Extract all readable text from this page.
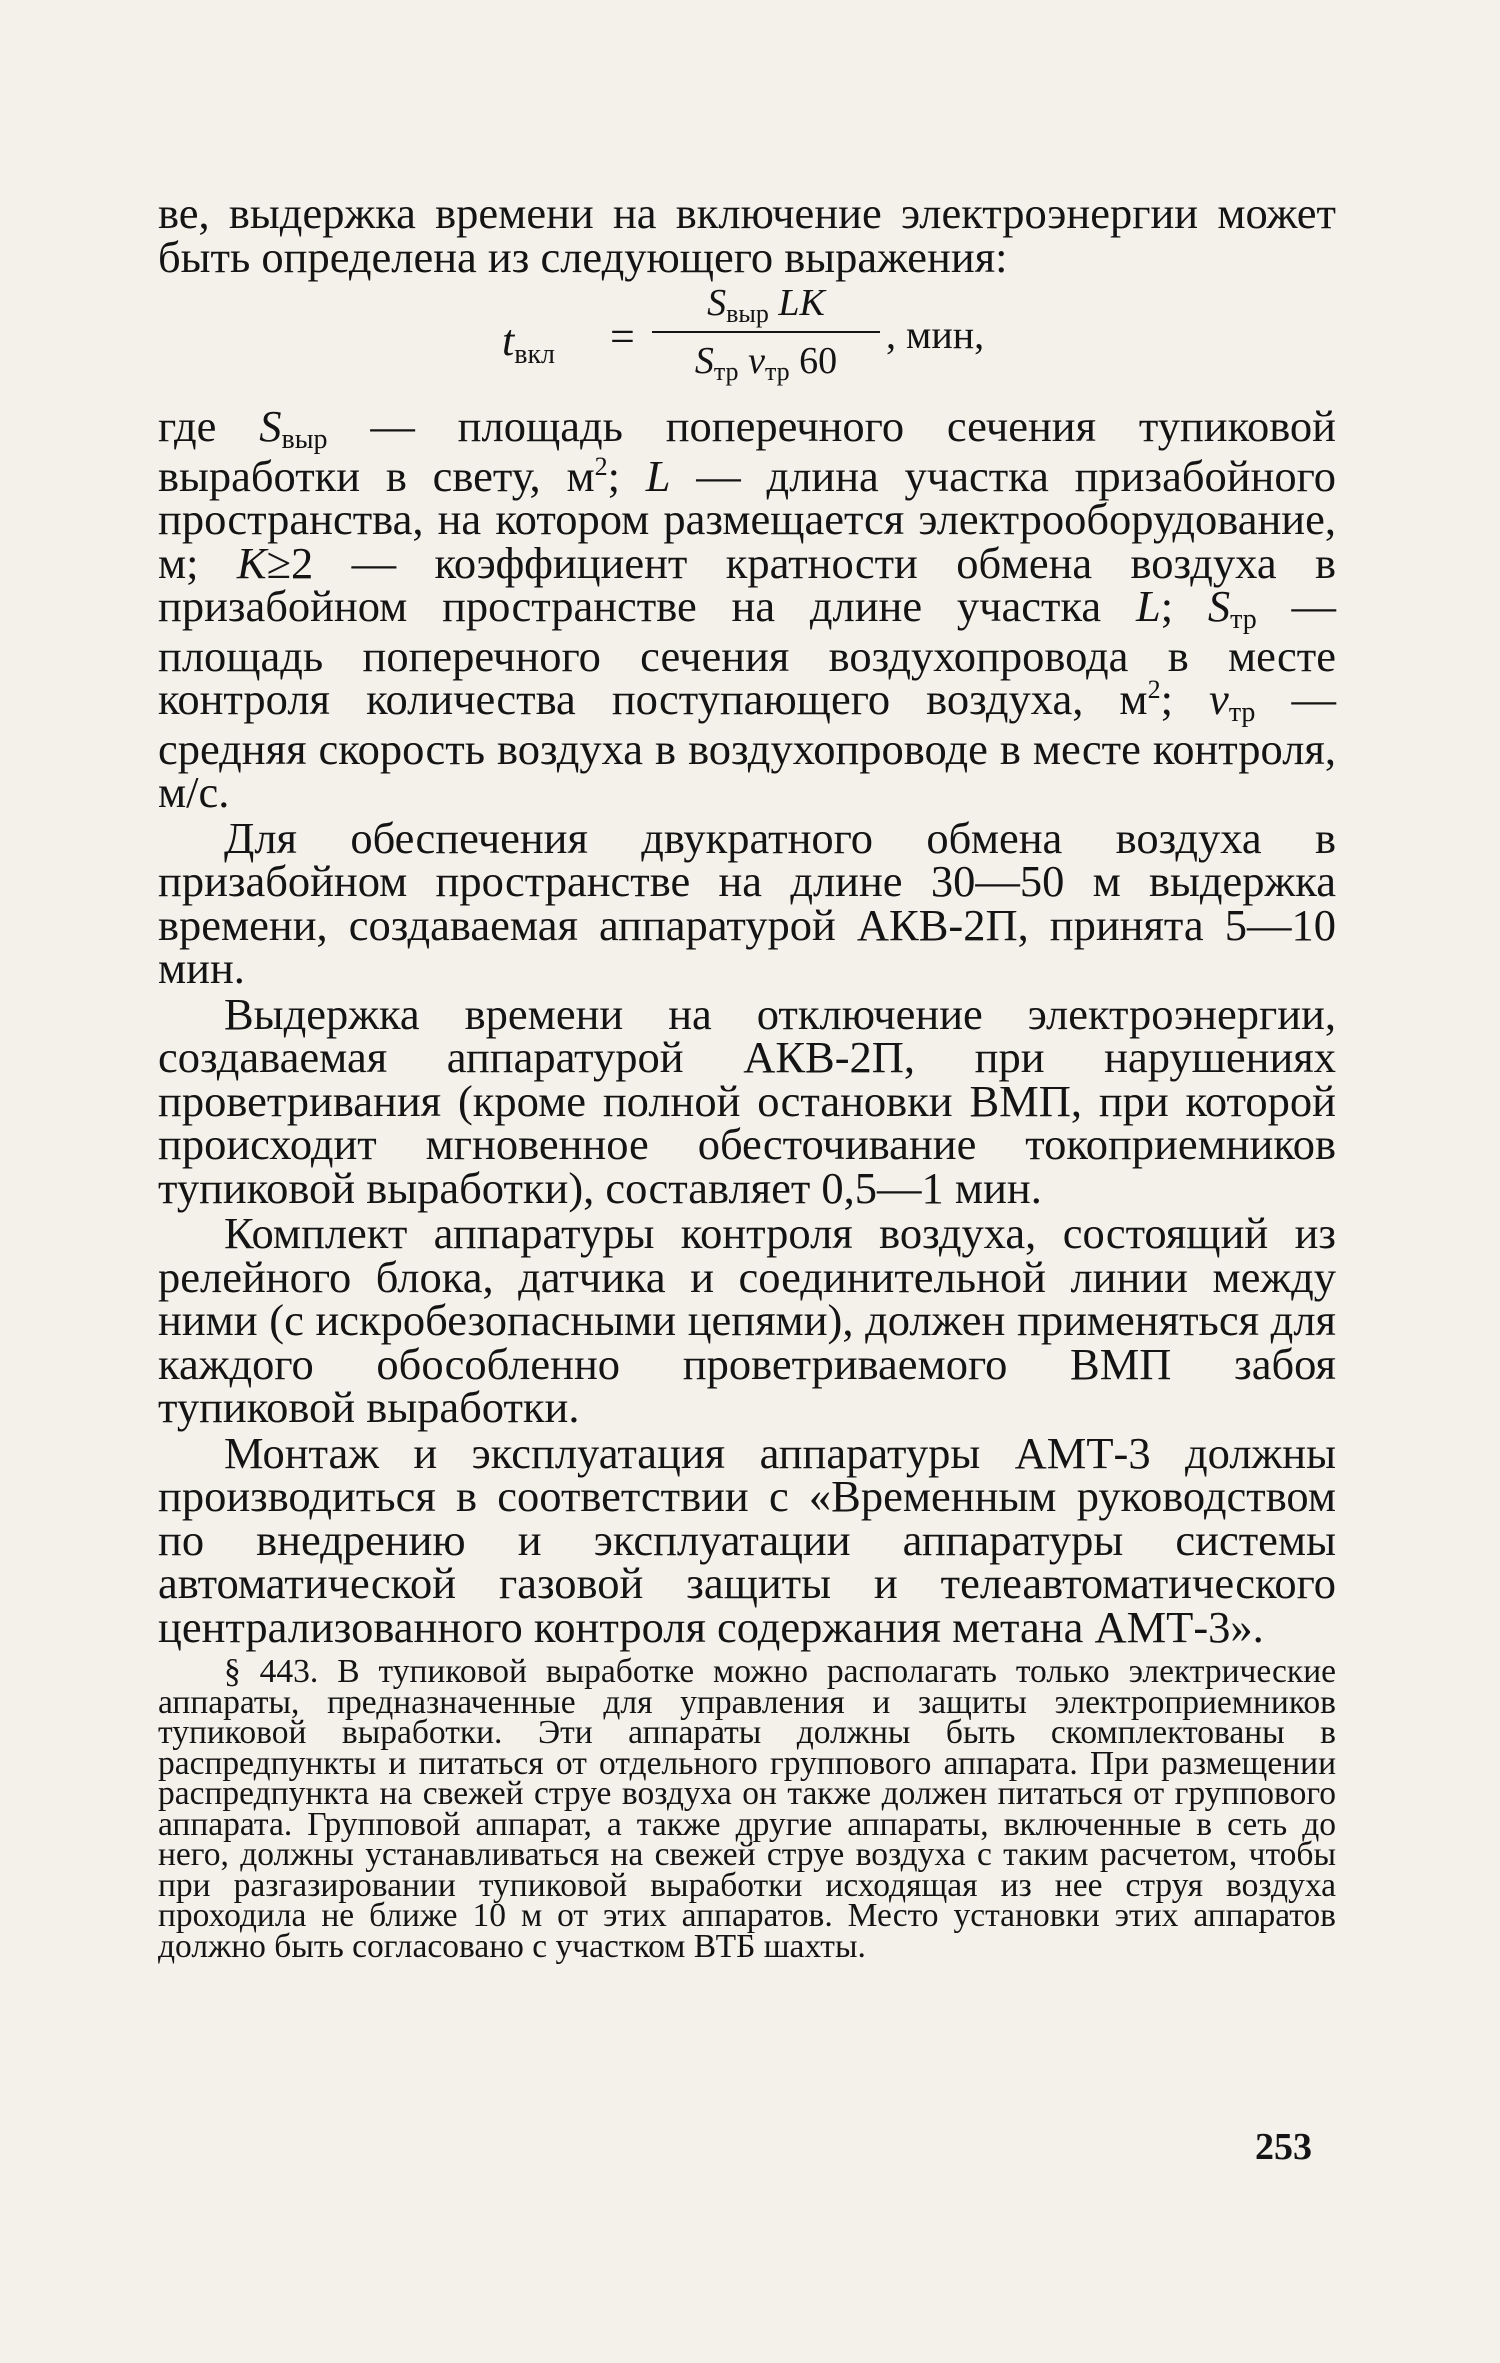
ве, выдержка времени на включение электроэнергии может быть определена из следующего выражения:

tвкл =
Sвыр LK
Sтр vтр 60
, мин,

где Sвыр — площадь поперечного сечения тупиковой выработки в свету, $м^2$; L — длина участка призабойного пространства, на котором размещается электрооборудование, м; K≥2 — коэффициент кратности обмена воздуха в призабойном пространстве на длине участка L; Sтр — площадь поперечного сечения воздухопровода в месте контроля количества поступающего воздуха, $м^2$; vтр — средняя скорость воздуха в воздухопроводе в месте контроля, м/с.

Для обеспечения двукратного обмена воздуха в призабойном пространстве на длине 30—50 м выдержка времени, создаваемая аппаратурой АКВ-2П, принята 5—10 мин.

Выдержка времени на отключение электроэнергии, создаваемая аппаратурой АКВ-2П, при нарушениях проветривания (кроме полной остановки ВМП, при которой происходит мгновенное обесточивание токоприемников тупиковой выработки), составляет 0,5—1 мин.

Комплект аппаратуры контроля воздуха, состоящий из релейного блока, датчика и соединительной линии между ними (с искробезопасными цепями), должен применяться для каждого обособленно проветриваемого ВМП забоя тупиковой выработки.

Монтаж и эксплуатация аппаратуры АМТ-3 должны производиться в соответствии с «Временным руководством по внедрению и эксплуатации аппаратуры системы автоматической газовой защиты и телеавтоматического централизованного контроля содержания метана АМТ-3».

§ 443. В тупиковой выработке можно располагать только электрические аппараты, предназначенные для управления и защиты электроприемников тупиковой выработки. Эти аппараты должны быть скомплектованы в распредпункты и питаться от отдельного группового аппарата. При размещении распредпункта на свежей струе воздуха он также должен питаться от группового аппарата. Групповой аппарат, а также другие аппараты, включенные в сеть до него, должны устанавливаться на свежей струе воздуха с таким расчетом, чтобы при разгазировании тупиковой выработки исходящая из нее струя воздуха проходила не ближе 10 м от этих аппаратов. Место установки этих аппаратов должно быть согласовано с участком ВТБ шахты.

253
